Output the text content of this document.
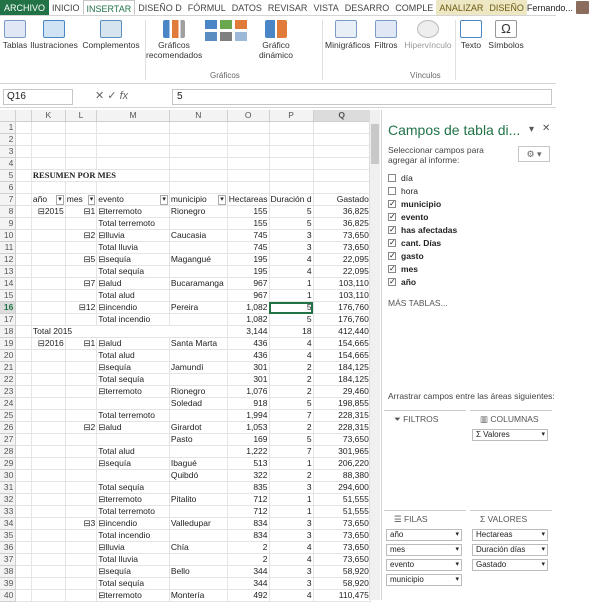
ARCHIVO INICIO INSERTAR DISEÑO D FÓRMUL DATOS REVISAR VISTA DESARRO COMPLE ANALIZAR DISEÑO Fernando...
Tablas Ilustraciones Complementos	Gráficos recomendados
Gráfico dinámico
Gráficos
Minigráficos Filtros Hipervínculo
Vínculos
Texto
Ω
Símbolos
Q16	✕ ✓ fx	5
		K	L	M	N	O	P	Q	
1									
2									
3									
4									
5		RESUMEN POR MES							
6									
7		año ▾	mes ▾	evento ▾	municipio ▾	Hectareas	Duración d	Gastado	
8		⊟2015	⊟1	⊟terremoto	Rionegro	155	5	36,825	
9				Total terremoto		155	5	36,825	
10			⊟2	⊟lluvia	Caucasia	745	3	73,650	
11				Total lluvia		745	3	73,650	
12			⊟5	⊟sequía	Magangué	195	4	22,095	
13				Total sequía		195	4	22,095	
14			⊟7	⊟alud	Bucaramanga	967	1	103,110	
15				Total alud		967	1	103,110	
16			⊟12	⊟incendio	Pereira	1,082	5	176,760	
17				Total incendio		1,082	5	176,760	
18		Total 2015				3,144	18	412,440	
19		⊟2016	⊟1	⊟alud	Santa Marta	436	4	154,665	
20				Total alud		436	4	154,665	
21				⊟sequía	Jamundí	301	2	184,125	
22				Total sequía		301	2	184,125	
23				⊟terremoto	Rionegro	1,076	2	29,460	
24					Soledad	918	5	198,855	
25				Total terremoto		1,994	7	228,315	
26			⊟2	⊟alud	Girardot	1,053	2	228,315	
27					Pasto	169	5	73,650	
28				Total alud		1,222	7	301,965	
29				⊟sequía	Ibagué	513	1	206,220	
30					Quibdó	322	2	88,380	
31				Total sequía		835	3	294,600	
32				⊟terremoto	Pitalito	712	1	51,555	
33				Total terremoto		712	1	51,555	
34			⊟3	⊟incendio	Valledupar	834	3	73,650	
35				Total incendio		834	3	73,650	
36				⊟lluvia	Chía	2	4	73,650	
37				Total lluvia		2	4	73,650	
38				⊟sequía	Bello	344	3	58,920	
39				Total sequía		344	3	58,920	
40				⊟terremoto	Montería	492	4	110,475	
Campos de tabla di... ▾ ✕
Seleccionar campos para agregar al informe:
⚙ ▾
día
hora
✓ municipio
✓ evento
✓ has afectadas
✓ cant. Días
✓ gasto
✓ mes
✓ año
MÁS TABLAS...
Arrastrar campos entre las áreas siguientes:
⏷ FILTROS	▥ COLUMNAS
Σ Valores	▾
☰ FILAS
año	▾
mes	▾
evento	▾
municipio	▾
Σ VALORES
Hectareas	▾
Duración días ▾
Gastado	▾
